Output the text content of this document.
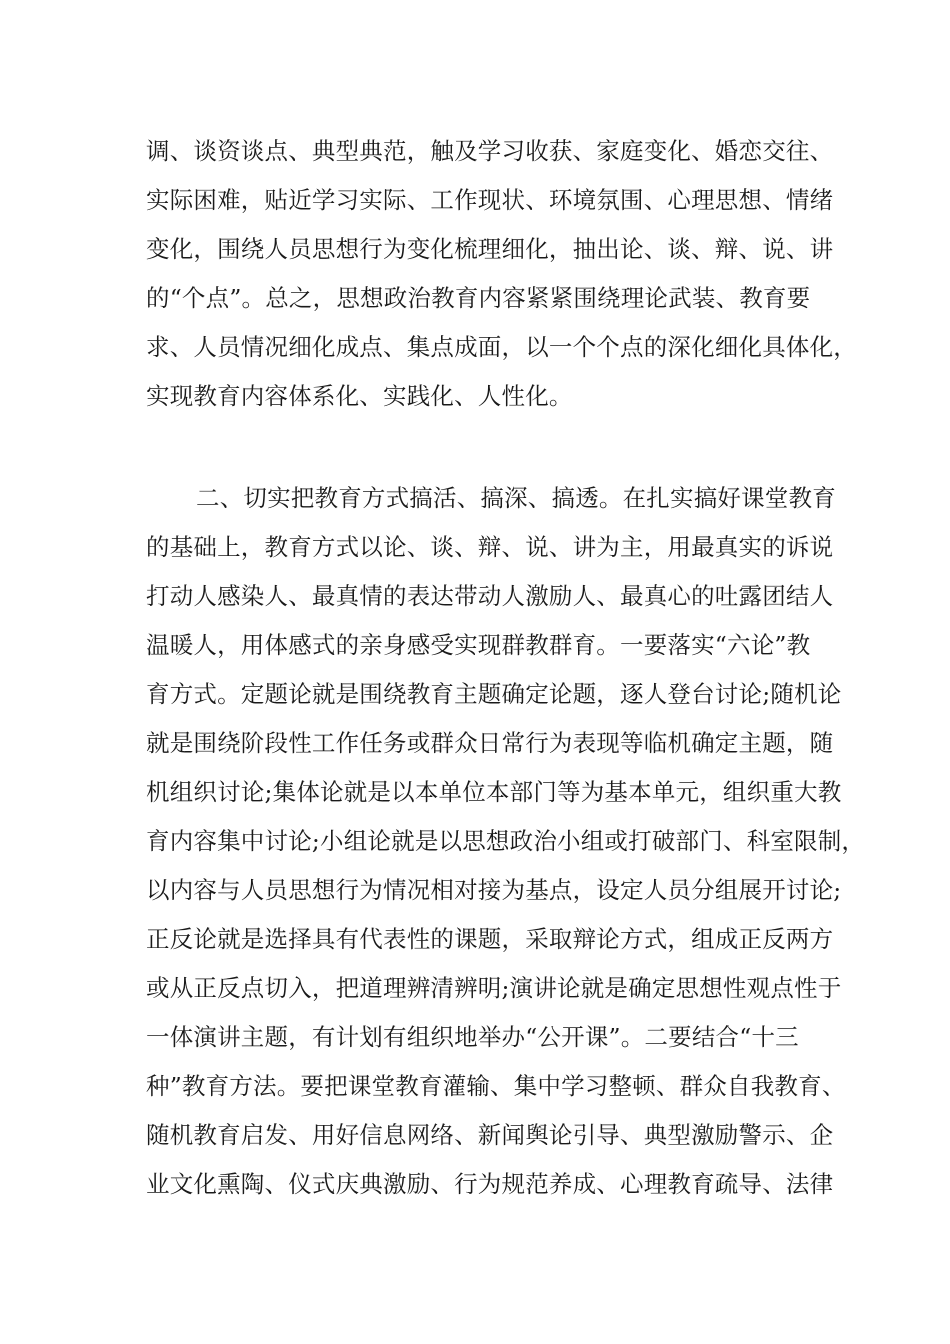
调、谈资谈点、典型典范，触及学习收获、家庭变化、婚恋交往、
实际困难，贴近学习实际、工作现状、环境氛围、心理思想、情绪
变化，围绕人员思想行为变化梳理细化，抽出论、谈、辩、说、讲
的“个点”。总之，思想政治教育内容紧紧围绕理论武装、教育要
求、人员情况细化成点、集点成面，以一个个点的深化细化具体化，
实现教育内容体系化、实践化、人性化。
二、切实把教育方式搞活、搞深、搞透。在扎实搞好课堂教育
的基础上，教育方式以论、谈、辩、说、讲为主，用最真实的诉说
打动人感染人、最真情的表达带动人激励人、最真心的吐露团结人
温暖人，用体感式的亲身感受实现群教群育。一要落实“六论”教
育方式。定题论就是围绕教育主题确定论题，逐人登台讨论;随机论
就是围绕阶段性工作任务或群众日常行为表现等临机确定主题，随
机组织讨论;集体论就是以本单位本部门等为基本单元，组织重大教
育内容集中讨论;小组论就是以思想政治小组或打破部门、科室限制，
以内容与人员思想行为情况相对接为基点，设定人员分组展开讨论;
正反论就是选择具有代表性的课题，采取辩论方式，组成正反两方
或从正反点切入，把道理辨清辨明;演讲论就是确定思想性观点性于
一体演讲主题，有计划有组织地举办“公开课”。二要结合“十三
种”教育方法。要把课堂教育灌输、集中学习整顿、群众自我教育、
随机教育启发、用好信息网络、新闻舆论引导、典型激励警示、企
业文化熏陶、仪式庆典激励、行为规范养成、心理教育疏导、法律
